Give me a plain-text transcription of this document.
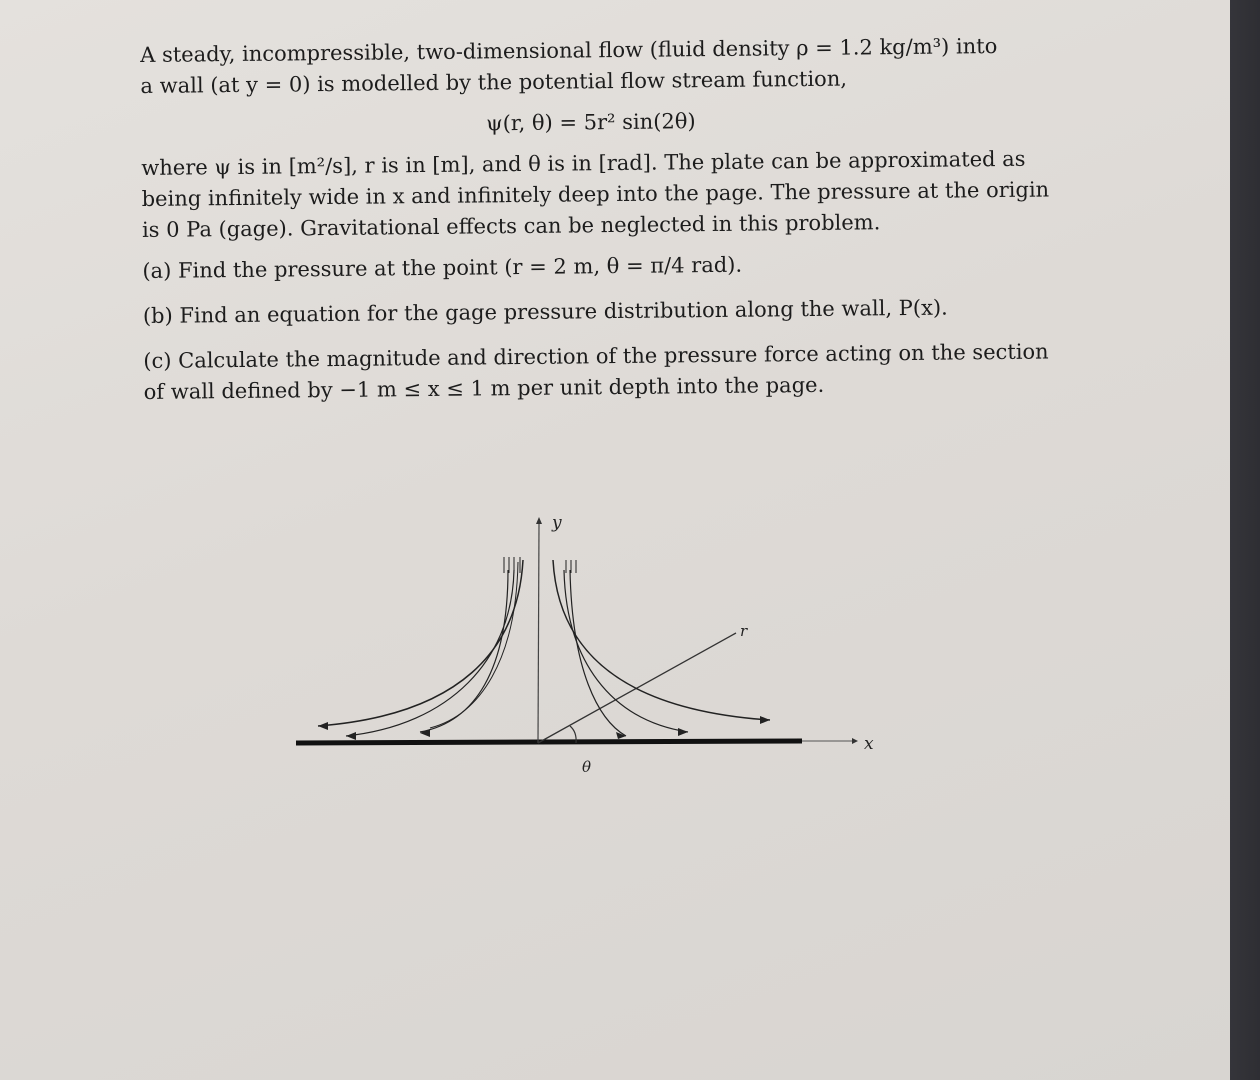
A steady, incompressible, two-dimensional flow (fluid density ρ = 1.2 kg/m³) into
a wall (at y = 0) is modelled by the potential flow stream function,
ψ(r, θ) = 5r² sin(2θ)
where ψ is in [m²/s], r is in [m], and θ is in [rad]. The plate can be approximated as
being infinitely wide in x and infinitely deep into the page. The pressure at the origin
is 0 Pa (gage). Gravitational effects can be neglected in this problem.
(a) Find the pressure at the point (r = 2 m, θ = π/4 rad).
(b) Find an equation for the gage pressure distribution along the wall, P(x).
(c) Calculate the magnitude and direction of the pressure force acting on the section
of wall defined by −1 m ≤ x ≤ 1 m per unit depth into the page.
x
y
r
θ
